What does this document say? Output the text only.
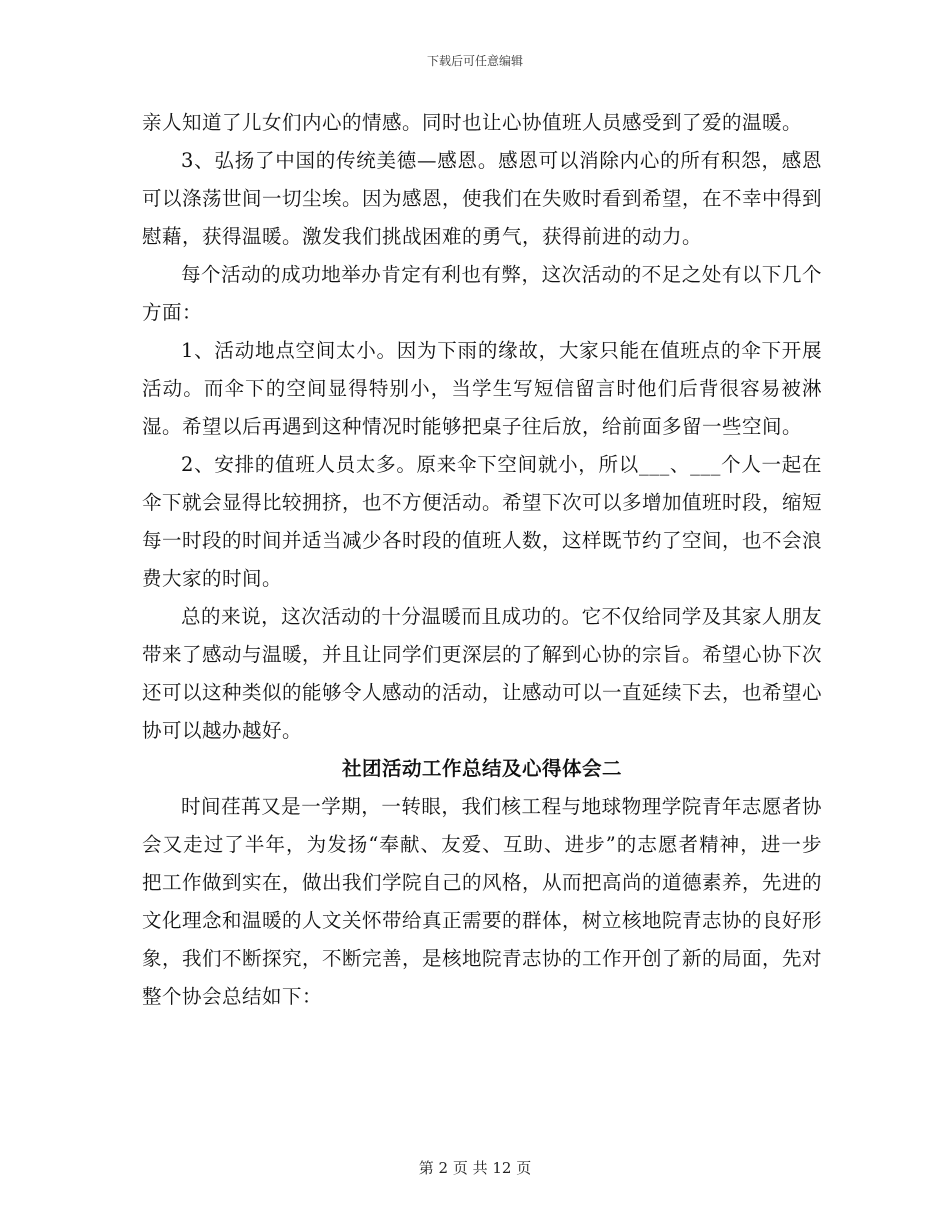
下载后可任意编辑

亲人知道了儿女们内心的情感。同时也让心协值班人员感受到了爱的温暖。

3、弘扬了中国的传统美德—感恩。感恩可以消除内心的所有积怨，感恩可以涤荡世间一切尘埃。因为感恩，使我们在失败时看到希望，在不幸中得到慰藉，获得温暖。激发我们挑战困难的勇气，获得前进的动力。

每个活动的成功地举办肯定有利也有弊，这次活动的不足之处有以下几个方面：

1、活动地点空间太小。因为下雨的缘故，大家只能在值班点的伞下开展活动。而伞下的空间显得特别小，当学生写短信留言时他们后背很容易被淋湿。希望以后再遇到这种情况时能够把桌子往后放，给前面多留一些空间。

2、安排的值班人员太多。原来伞下空间就小，所以___、___个人一起在伞下就会显得比较拥挤，也不方便活动。希望下次可以多增加值班时段，缩短每一时段的时间并适当减少各时段的值班人数，这样既节约了空间，也不会浪费大家的时间。

总的来说，这次活动的十分温暖而且成功的。它不仅给同学及其家人朋友带来了感动与温暖，并且让同学们更深层的了解到心协的宗旨。希望心协下次还可以这种类似的能够令人感动的活动，让感动可以一直延续下去，也希望心协可以越办越好。

社团活动工作总结及心得体会二

时间荏苒又是一学期，一转眼，我们核工程与地球物理学院青年志愿者协会又走过了半年，为发扬“奉献、友爱、互助、进步”的志愿者精神，进一步把工作做到实在，做出我们学院自己的风格，从而把高尚的道德素养，先进的文化理念和温暖的人文关怀带给真正需要的群体，树立核地院青志协的良好形象，我们不断探究，不断完善，是核地院青志协的工作开创了新的局面，先对整个协会总结如下：

第 2 页 共 12 页
